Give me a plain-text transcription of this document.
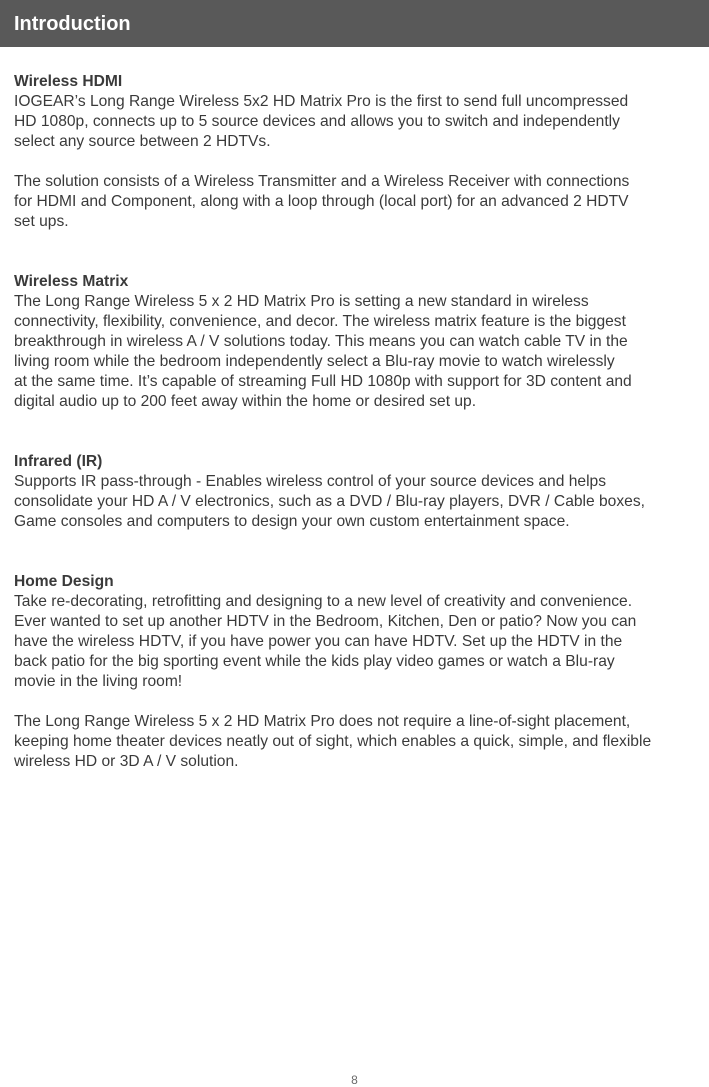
Introduction
Wireless HDMI
IOGEAR’s Long Range Wireless 5x2 HD Matrix Pro is the first to send full uncompressed
HD 1080p, connects up to 5 source devices and allows you to switch and independently
select any source between 2 HDTVs.
The solution consists of a Wireless Transmitter and a Wireless Receiver with connections
for HDMI and Component, along with a loop through (local port) for an advanced 2 HDTV
set ups.
Wireless Matrix
The Long Range Wireless 5 x 2 HD Matrix Pro is setting a new standard in wireless
connectivity, flexibility, convenience, and decor. The wireless matrix feature is the biggest
breakthrough in wireless A / V solutions today. This means you can watch cable TV in the
living room while the bedroom independently select a Blu-ray movie to watch wirelessly
at the same time. It’s capable of streaming Full HD 1080p with support for 3D content and
digital audio up to 200 feet away within the home or desired set up.
Infrared (IR)
Supports IR pass-through - Enables wireless control of your source devices and helps
consolidate your HD A / V electronics, such as a DVD / Blu-ray players, DVR / Cable boxes,
Game consoles and computers to design your own custom entertainment space.
Home Design
Take re-decorating, retrofitting and designing to a new level of creativity and convenience.
Ever wanted to set up another HDTV in the Bedroom, Kitchen, Den or patio? Now you can
have the wireless HDTV, if you have power you can have HDTV. Set up the HDTV in the
back patio for the big sporting event while the kids play video games or watch a Blu-ray
movie in the living room!
The Long Range Wireless 5 x 2 HD Matrix Pro does not require a line-of-sight placement,
keeping home theater devices neatly out of sight, which enables a quick, simple, and flexible
wireless HD or 3D A / V solution.
8
